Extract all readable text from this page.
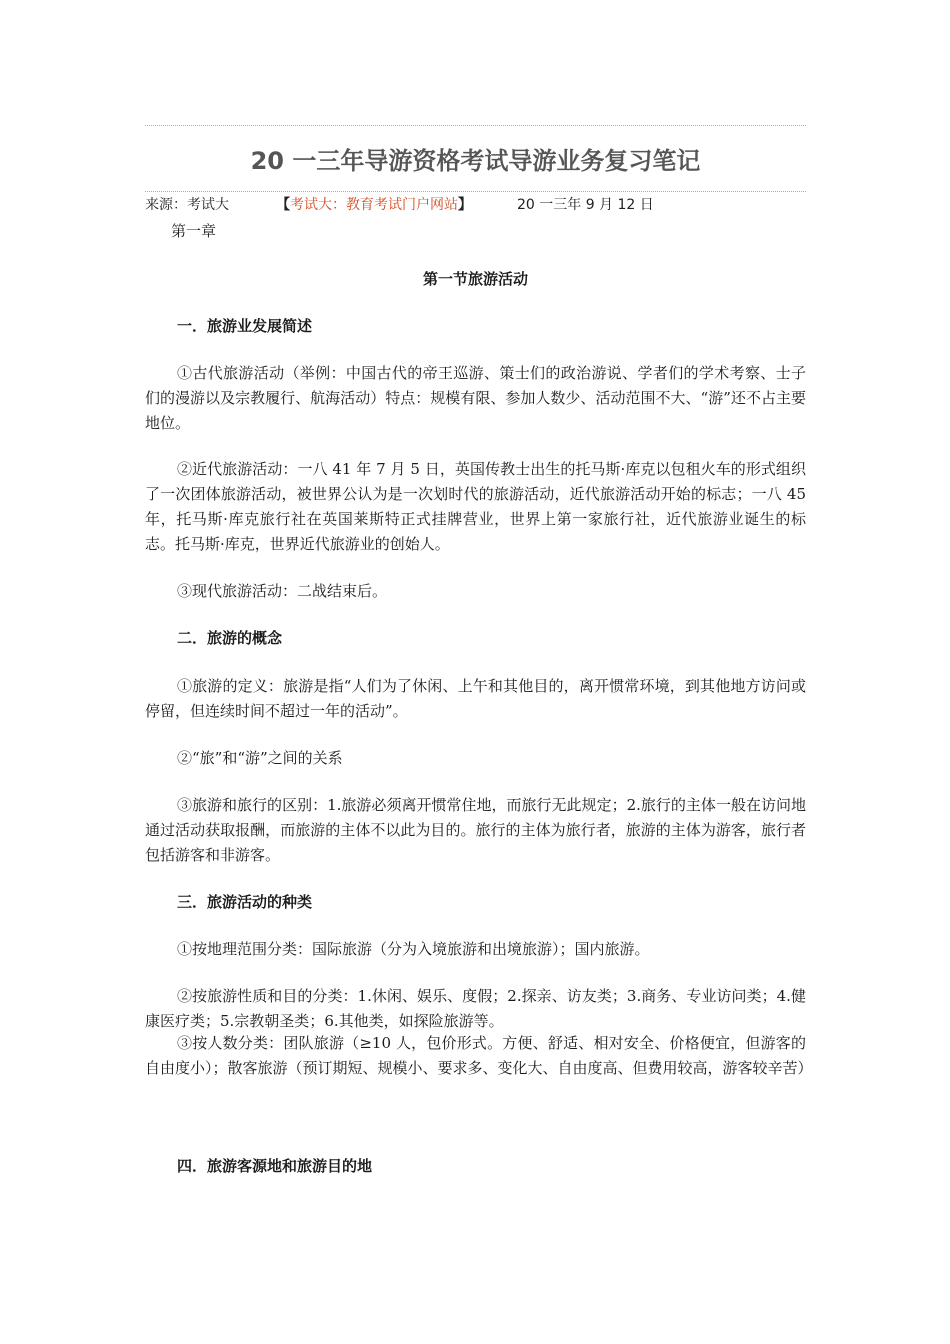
20 一三年导游资格考试导游业务复习笔记
来源：考试大	【考试大：教育考试门户网站】	20 一三年 9 月 12 日
第一章
第一节旅游活动
一．旅游业发展简述

①古代旅游活动（举例：中国古代的帝王巡游、策士们的政治游说、学者们的学术考察、士子们的漫游以及宗教履行、航海活动）特点：规模有限、参加人数少、活动范围不大、“游”还不占主要地位。

②近代旅游活动：一八 41 年 7 月 5 日，英国传教士出生的托马斯·库克以包租火车的形式组织了一次团体旅游活动，被世界公认为是一次划时代的旅游活动，近代旅游活动开始的标志；一八 45 年，托马斯·库克旅行社在英国莱斯特正式挂牌营业，世界上第一家旅行社，近代旅游业诞生的标志。托马斯·库克，世界近代旅游业的创始人。

③现代旅游活动：二战结束后。

二．旅游的概念

①旅游的定义：旅游是指“人们为了休闲、上午和其他目的，离开惯常环境，到其他地方访问或停留，但连续时间不超过一年的活动”。

②“旅”和“游”之间的关系

③旅游和旅行的区别：1.旅游必须离开惯常住地，而旅行无此规定；2.旅行的主体一般在访问地通过活动获取报酬，而旅游的主体不以此为目的。旅行的主体为旅行者，旅游的主体为游客，旅行者包括游客和非游客。

三．旅游活动的种类

①按地理范围分类：国际旅游（分为入境旅游和出境旅游）；国内旅游。

②按旅游性质和目的分类：1.休闲、娱乐、度假；2.探亲、访友类；3.商务、专业访问类；4.健康医疗类；5.宗教朝圣类；6.其他类，如探险旅游等。

③按人数分类：团队旅游（≥10 人，包价形式。方便、舒适、相对安全、价格便宜，但游客的自由度小）；散客旅游（预订期短、规模小、要求多、变化大、自由度高、但费用较高，游客较辛苦）

四．旅游客源地和旅游目的地
